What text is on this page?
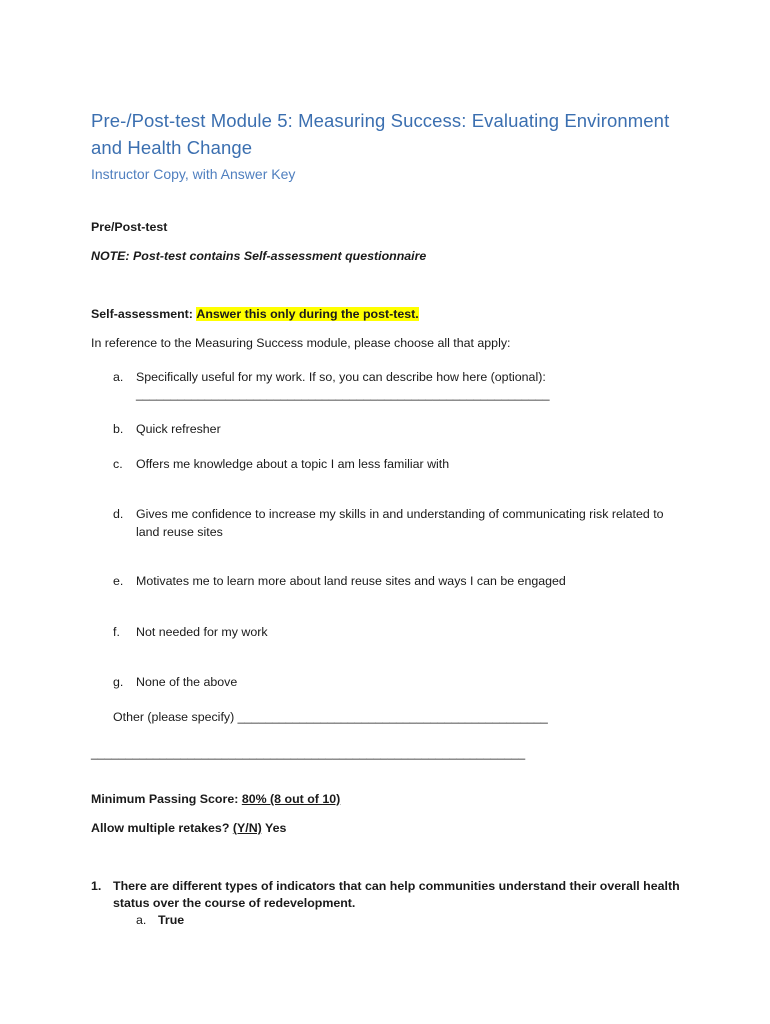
Pre-/Post-test Module 5: Measuring Success: Evaluating Environment
and Health Change
Instructor Copy, with Answer Key
Pre/Post-test
NOTE: Post-test contains Self-assessment questionnaire
Self-assessment: Answer this only during the post-test.
In reference to the Measuring Success module, please choose all that apply:
a. Specifically useful for my work. If so, you can describe how here (optional):
____________________________________________________________
b. Quick refresher
c. Offers me knowledge about a topic I am less familiar with
d. Gives me confidence to increase my skills in and understanding of communicating risk related to
land reuse sites
e. Motivates me to learn more about land reuse sites and ways I can be engaged
f. Not needed for my work
g. None of the above
Other (please specify) _____________________________________________
_______________________________________________________________
Minimum Passing Score: 80% (8 out of 10)
Allow multiple retakes? (Y/N) Yes
1. There are different types of indicators that can help communities understand their overall health
status over the course of redevelopment.
a. True
